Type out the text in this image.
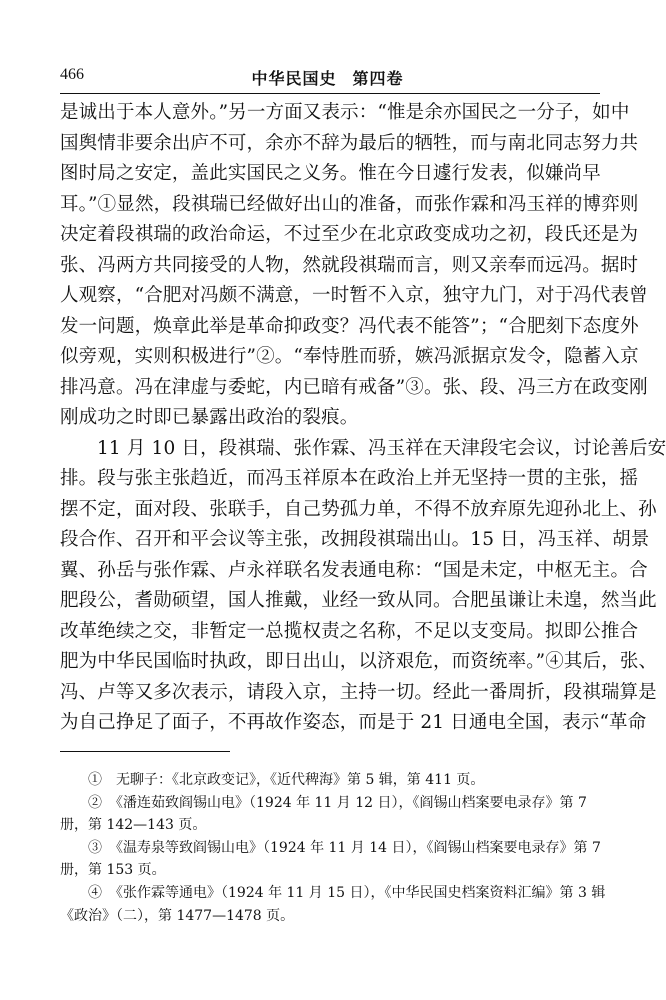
466	中华民国史 第四卷
是诚出于本人意外。”另一方面又表示：“惟是余亦国民之一分子，如中
国舆情非要余出庐不可，余亦不辞为最后的牺牲，而与南北同志努力共
图时局之安定，盖此实国民之义务。惟在今日遽行发表，似嫌尚早
耳。”①显然，段祺瑞已经做好出山的准备，而张作霖和冯玉祥的博弈则
决定着段祺瑞的政治命运，不过至少在北京政变成功之初，段氏还是为
张、冯两方共同接受的人物，然就段祺瑞而言，则又亲奉而远冯。据时
人观察，“合肥对冯颇不满意，一时暂不入京，独守九门，对于冯代表曾
发一问题，焕章此举是革命抑政变？冯代表不能答”；“合肥刻下态度外
似旁观，实则积极进行”②。“奉恃胜而骄，嫉冯派据京发令，隐蓄入京
排冯意。冯在津虚与委蛇，内已暗有戒备”③。张、段、冯三方在政变刚
刚成功之时即已暴露出政治的裂痕。
11 月 10 日，段祺瑞、张作霖、冯玉祥在天津段宅会议，讨论善后安
排。段与张主张趋近，而冯玉祥原本在政治上并无坚持一贯的主张，摇
摆不定，面对段、张联手，自己势孤力单，不得不放弃原先迎孙北上、孙
段合作、召开和平会议等主张，改拥段祺瑞出山。15 日，冯玉祥、胡景
翼、孙岳与张作霖、卢永祥联名发表通电称：“国是未定，中枢无主。合
肥段公，耆勋硕望，国人推戴，业经一致从同。合肥虽谦让未遑，然当此
改革绝续之交，非暂定一总揽权责之名称，不足以支变局。拟即公推合
肥为中华民国临时执政，即日出山，以济艰危，而资统率。”④其后，张、
冯、卢等又多次表示，请段入京，主持一切。经此一番周折，段祺瑞算是
为自己挣足了面子，不再故作姿态，而是于 21 日通电全国，表示“革命
①　无聊子：《北京政变记》，《近代稗海》第 5 辑，第 411 页。
②　《潘连茹致阎锡山电》（1924 年 11 月 12 日），《阎锡山档案要电录存》第 7
册，第 142—143 页。
③　《温寿泉等致阎锡山电》（1924 年 11 月 14 日），《阎锡山档案要电录存》第 7
册，第 153 页。
④　《张作霖等通电》（1924 年 11 月 15 日），《中华民国史档案资料汇编》第 3 辑
《政治》（二），第 1477—1478 页。
